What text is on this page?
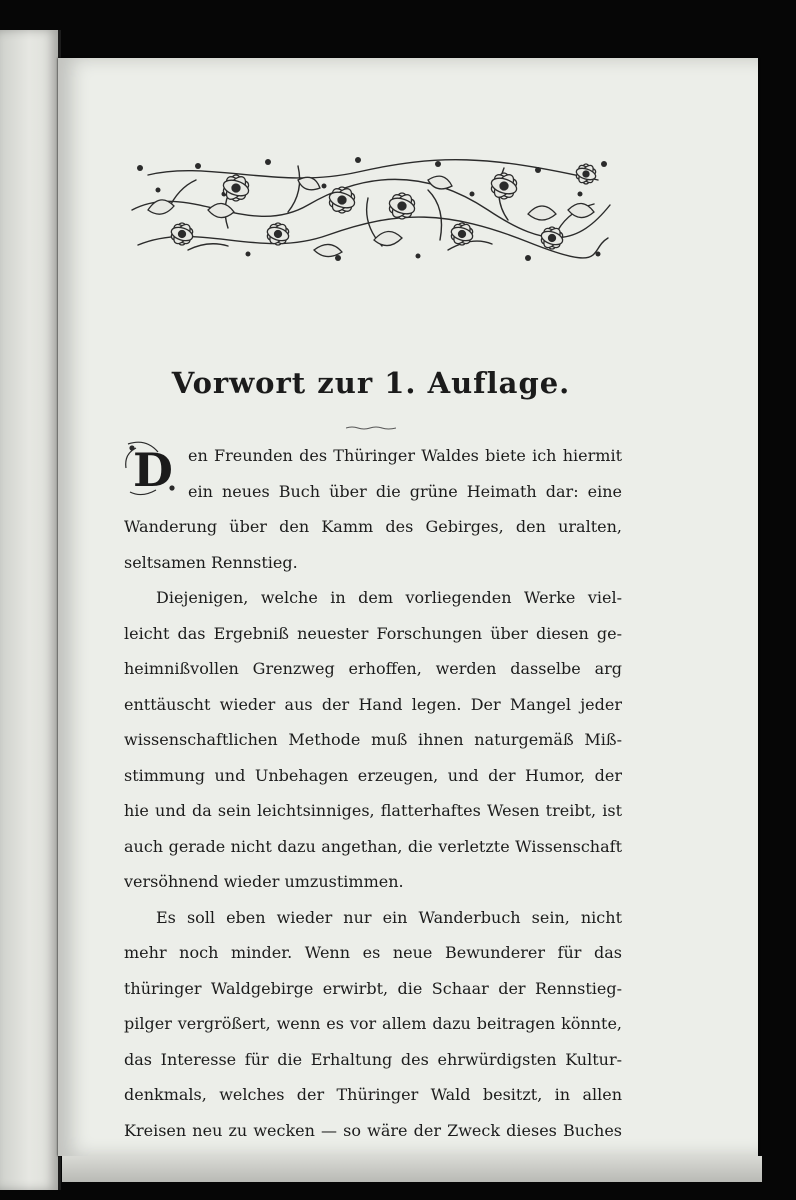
Vorwort zur 1. Auflage.
D en Freunden des Thüringer Waldes biete ich hiermit
ein neues Buch über die grüne Heimath dar: eine
Wanderung über den Kamm des Gebirges, den uralten,
seltsamen Rennstieg.
Diejenigen, welche in dem vorliegenden Werke viel-
leicht das Ergebniß neuester Forschungen über diesen ge-
heimnißvollen Grenzweg erhoffen, werden dasselbe arg
enttäuscht wieder aus der Hand legen. Der Mangel jeder
wissenschaftlichen Methode muß ihnen naturgemäß Miß-
stimmung und Unbehagen erzeugen, und der Humor, der
hie und da sein leichtsinniges, flatterhaftes Wesen treibt, ist
auch gerade nicht dazu angethan, die verletzte Wissenschaft
versöhnend wieder umzustimmen.
Es soll eben wieder nur ein Wanderbuch sein, nicht
mehr noch minder. Wenn es neue Bewunderer für das
thüringer Waldgebirge erwirbt, die Schaar der Rennstieg-
pilger vergrößert, wenn es vor allem dazu beitragen könnte,
das Interesse für die Erhaltung des ehrwürdigsten Kultur-
denkmals, welches der Thüringer Wald besitzt, in allen
Kreisen neu zu wecken — so wäre der Zweck dieses Buches
